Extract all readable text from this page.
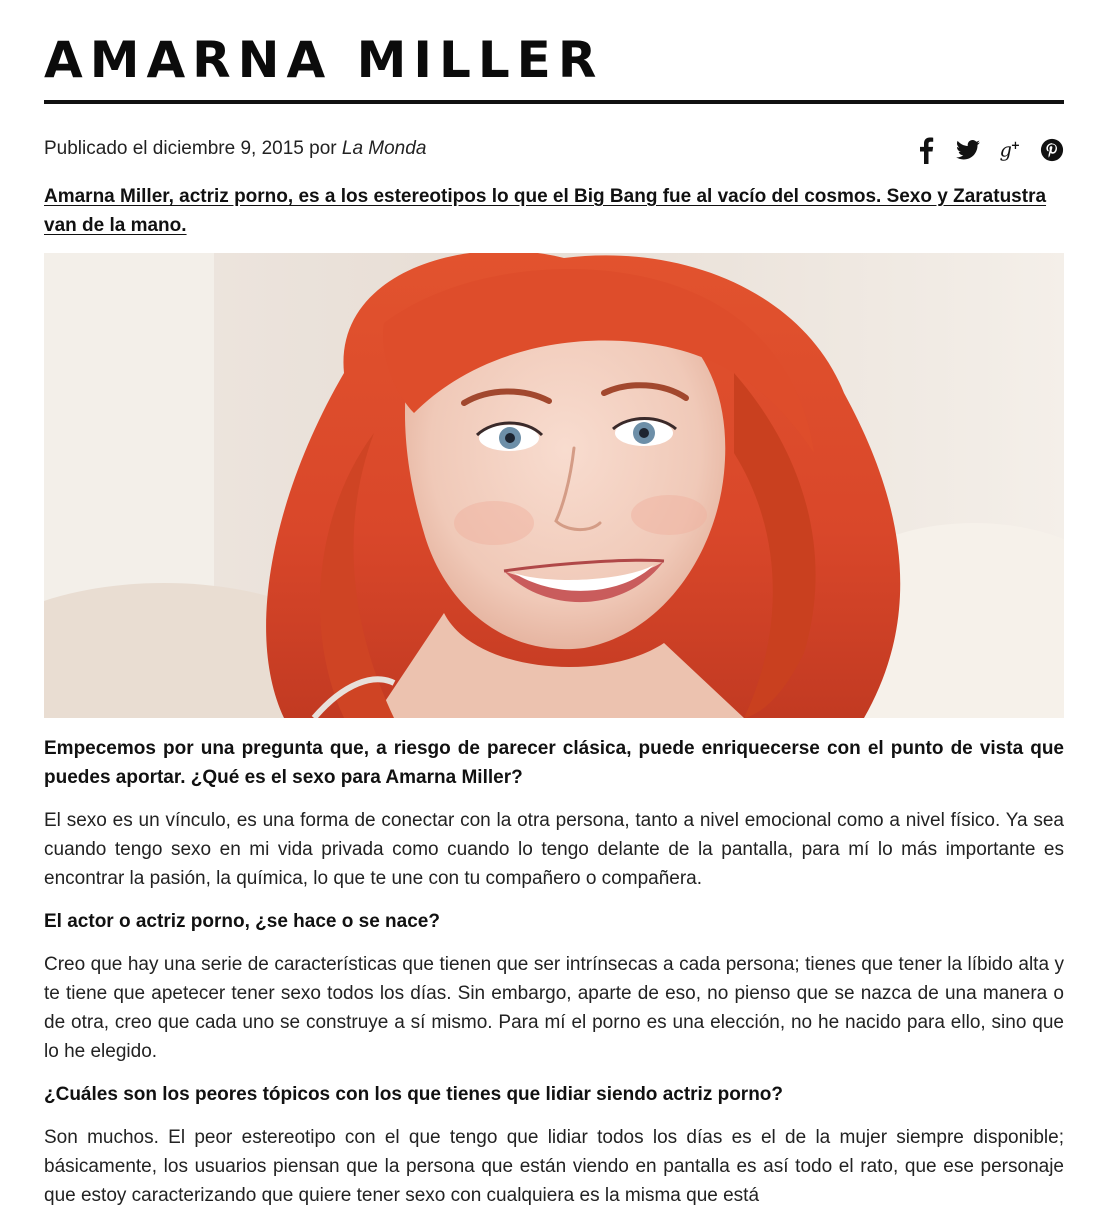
AMARNA MILLER
Publicado el diciembre 9, 2015 por La Monda	g
+

Amarna Miller, actriz porno, es a los estereotipos lo que el Big Bang fue al vacío del cosmos. Sexo y Zaratustra van de la mano.

Empecemos por una pregunta que, a riesgo de parecer clásica, puede enriquecerse con el punto de vista que puedes aportar. ¿Qué es el sexo para Amarna Miller?

El sexo es un vínculo, es una forma de conectar con la otra persona, tanto a nivel emocional como a nivel físico. Ya sea cuando tengo sexo en mi vida privada como cuando lo tengo delante de la pantalla, para mí lo más importante es encontrar la pasión, la química, lo que te une con tu compañero o compañera.

El actor o actriz porno, ¿se hace o se nace?

Creo que hay una serie de características que tienen que ser intrínsecas a cada persona; tienes que tener la líbido alta y te tiene que apetecer tener sexo todos los días. Sin embargo, aparte de eso, no pienso que se nazca de una manera o de otra, creo que cada uno se construye a sí mismo. Para mí el porno es una elección, no he nacido para ello, sino que lo he elegido.

¿Cuáles son los peores tópicos con los que tienes que lidiar siendo actriz porno?

Son muchos. El peor estereotipo con el que tengo que lidiar todos los días es el de la mujer siempre disponible; básicamente, los usuarios piensan que la persona que están viendo en pantalla es así todo el rato, que ese personaje que estoy caracterizando que quiere tener sexo con cualquiera es la misma que está
